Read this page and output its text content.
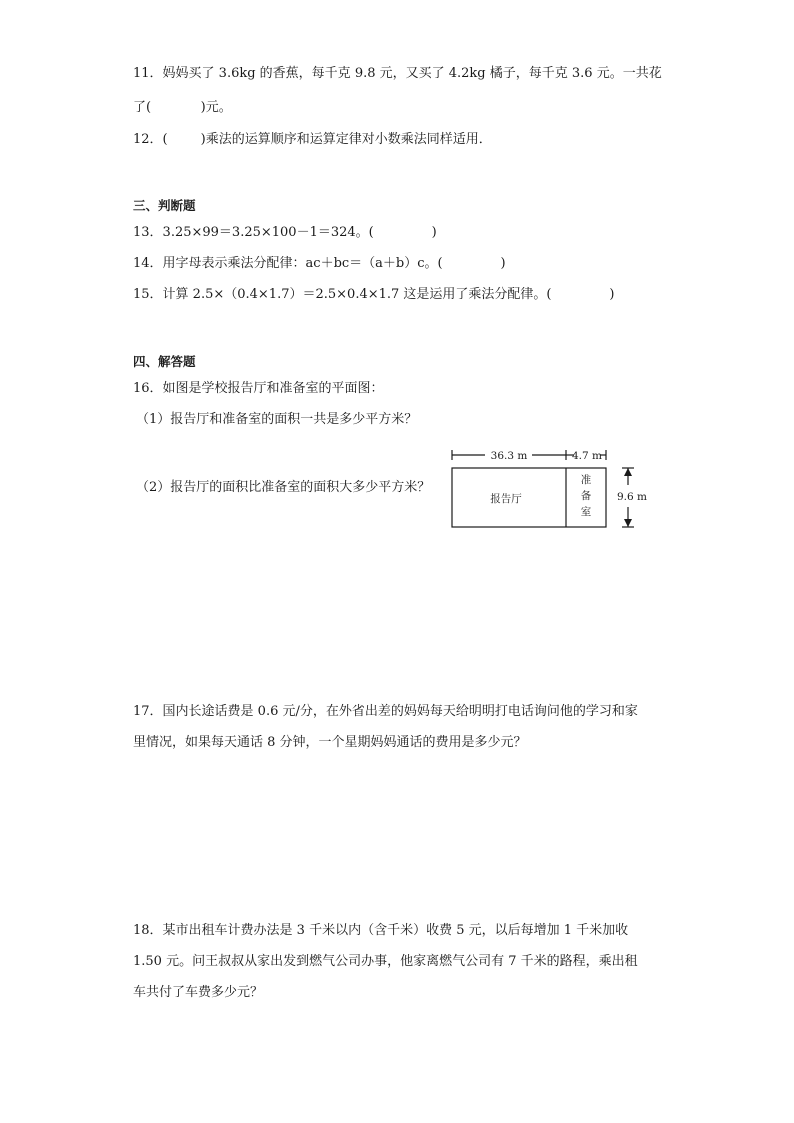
11．妈妈买了 3.6kg 的香蕉，每千克 9.8 元，又买了 4.2kg 橘子，每千克 3.6 元。一共花
了(            )元。
12．(        )乘法的运算顺序和运算定律对小数乘法同样适用．
三、判断题
13．3.25×99＝3.25×100－1＝324。(              )
14．用字母表示乘法分配律：ac＋bc＝（a＋b）c。(              )
15．计算 2.5×（0.4×1.7）＝2.5×0.4×1.7 这是运用了乘法分配律。(              )
四、解答题
16．如图是学校报告厅和准备室的平面图：
（1）报告厅和准备室的面积一共是多少平方米？
（2）报告厅的面积比准备室的面积大多少平方米？
36.3 m	4.7 m
9.6 m
报告厅
准
备
室
17．国内长途话费是 0.6 元/分，在外省出差的妈妈每天给明明打电话询问他的学习和家
里情况，如果每天通话 8 分钟，一个星期妈妈通话的费用是多少元？
18．某市出租车计费办法是 3 千米以内（含千米）收费 5 元，以后每增加 1 千米加收
1.50 元。问王叔叔从家出发到燃气公司办事，他家离燃气公司有 7 千米的路程，乘出租
车共付了车费多少元？
